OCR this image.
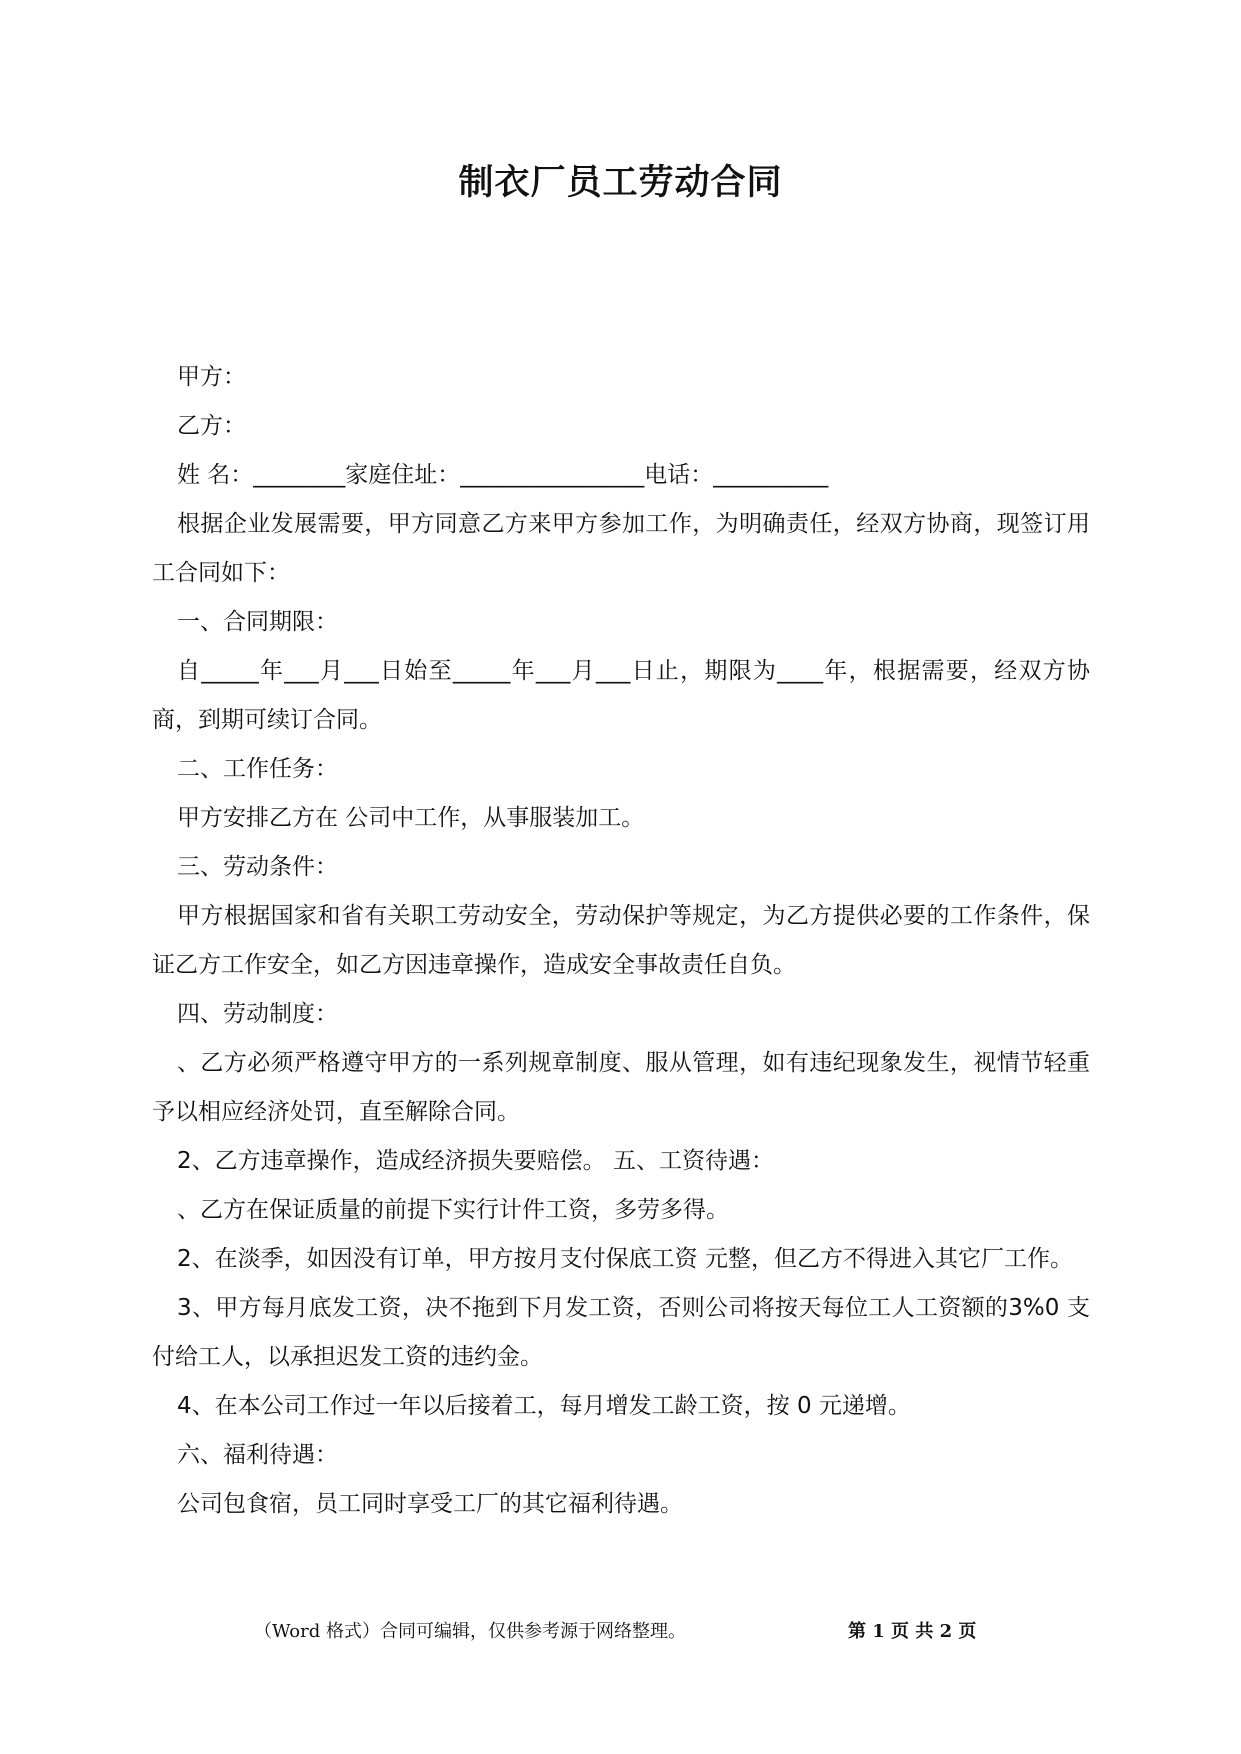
制衣厂员工劳动合同

甲方：

乙方：

姓 名：________家庭住址：________________电话：__________

根据企业发展需要，甲方同意乙方来甲方参加工作，为明确责任，经双方协商，现签订用工合同如下：

一、合同期限：

自_____年___月___日始至_____年___月___日止，期限为____年，根据需要，经双方协商，到期可续订合同。

二、工作任务：

甲方安排乙方在 公司中工作，从事服装加工。

三、劳动条件：

甲方根据国家和省有关职工劳动安全，劳动保护等规定，为乙方提供必要的工作条件，保证乙方工作安全，如乙方因违章操作，造成安全事故责任自负。

四、劳动制度：

、乙方必须严格遵守甲方的一系列规章制度、服从管理，如有违纪现象发生，视情节轻重予以相应经济处罚，直至解除合同。

2、乙方违章操作，造成经济损失要赔偿。 五、工资待遇：

、乙方在保证质量的前提下实行计件工资，多劳多得。

2、在淡季，如因没有订单，甲方按月支付保底工资 元整，但乙方不得进入其它厂工作。

3、甲方每月底发工资，决不拖到下月发工资，否则公司将按天每位工人工资额的3%0 支付给工人，以承担迟发工资的违约金。

4、在本公司工作过一年以后接着工，每月增发工龄工资，按 0 元递增。

六、福利待遇：

公司包食宿，员工同时享受工厂的其它福利待遇。

（Word 格式）合同可编辑，仅供参考源于网络整理。	第 1 页 共 2 页
